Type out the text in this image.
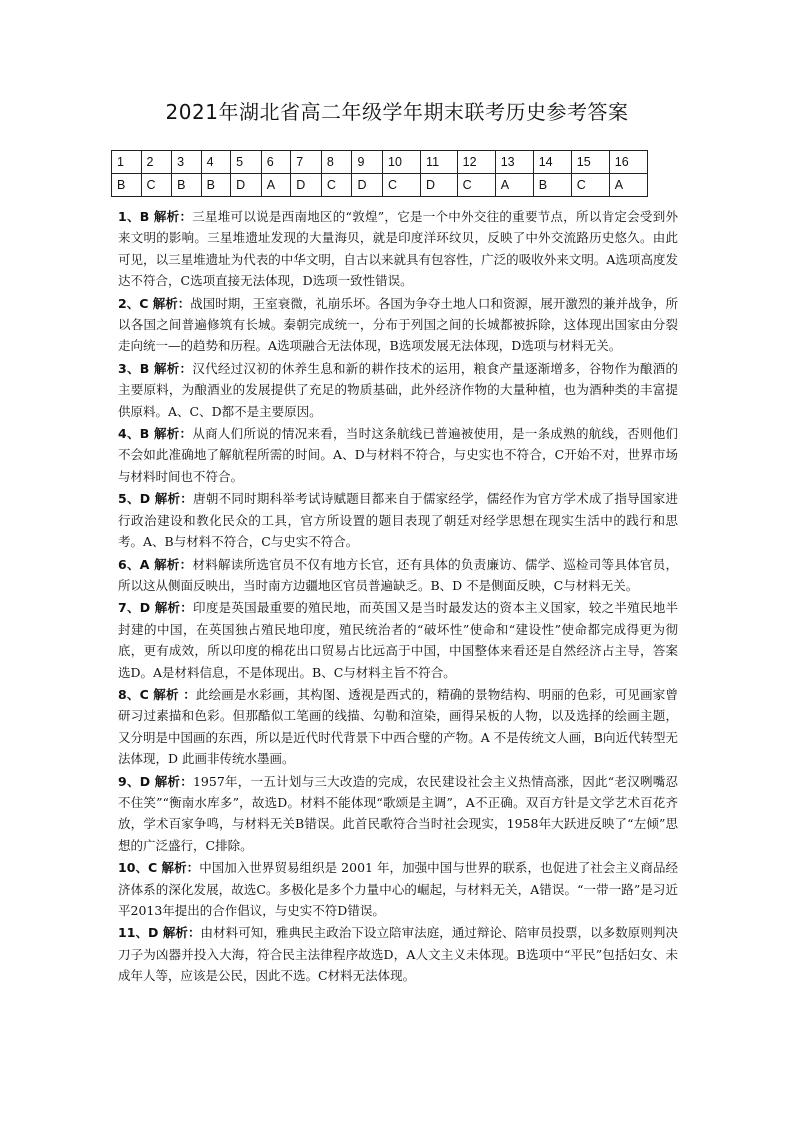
2021年湖北省高二年级学年期末联考历史参考答案
1	2	3	4	5	6	7	8	9	10	11	12	13	14	15	16
B	C	B	B	D	A	D	C	D	C	D	C	A	B	C	A

1、B 解析：三星堆可以说是西南地区的“敦煌”，它是一个中外交往的重要节点，所以肯定会受到外来文明的影响。三星堆遗址发现的大量海贝，就是印度洋环纹贝，反映了中外交流路历史悠久。由此可见，以三星堆遗址为代表的中华文明，自古以来就具有包容性，广泛的吸收外来文明。A选项高度发达不符合，C选项直接无法体现，D选项一致性错误。

2、C 解析：战国时期，王室衰微，礼崩乐坏。各国为争夺土地人口和资源，展开激烈的兼并战争，所以各国之间普遍修筑有长城。秦朝完成统一，分布于列国之间的长城都被拆除，这体现出国家由分裂走向统一—的趋势和历程。A选项融合无法体现，B选项发展无法体现，D选项与材料无关。

3、B 解析：汉代经过汉初的休养生息和新的耕作技术的运用，粮食产量逐渐增多，谷物作为酿酒的主要原料，为酿酒业的发展提供了充足的物质基础，此外经济作物的大量种植，也为酒种类的丰富提供原料。A、C、D都不是主要原因。

4、B 解析：从商人们所说的情况来看，当时这条航线已普遍被使用，是一条成熟的航线，否则他们不会如此准确地了解航程所需的时间。A、D与材料不符合，与史实也不符合，C开始不对，世界市场与材料时间也不符合。

5、D 解析：唐朝不同时期科举考试诗赋题目都来自于儒家经学，儒经作为官方学术成了指导国家进行政治建设和教化民众的工具，官方所设置的题目表现了朝廷对经学思想在现实生活中的践行和思考。A、B与材料不符合，C与史实不符合。

6、A 解析：材料解读所选官员不仅有地方长官，还有具体的负责廉访、儒学、巡检司等具体官员，所以这从侧面反映出，当时南方边疆地区官员普遍缺乏。B、D 不是侧面反映，C与材料无关。

7、D 解析：印度是英国最重要的殖民地，而英国又是当时最发达的资本主义国家，较之半殖民地半封建的中国，在英国独占殖民地印度，殖民统治者的“破坏性”使命和“建设性”使命都完成得更为彻底，更有成效，所以印度的棉花出口贸易占比远高于中国，中国整体来看还是自然经济占主导，答案选D。A是材料信息，不是体现出。B、C与材料主旨不符合。

8、C 解析 ：此绘画是水彩画，其构图、透视是西式的，精确的景物结构、明丽的色彩，可见画家曾研习过素描和色彩。但那酷似工笔画的线描、勾勒和渲染，画得呆板的人物，以及选择的绘画主题，又分明是中国画的东西，所以是近代时代背景下中西合璧的产物。A 不是传统文人画，B向近代转型无法体现，D 此画非传统水墨画。

9、D 解析：1957年，一五计划与三大改造的完成，农民建设社会主义热情高涨，因此“老汉咧嘴忍不住笑”“衡南水库多”，故选D。材料不能体现“歌颂是主调”，A不正确。双百方针是文学艺术百花齐放，学术百家争鸣，与材料无关B错误。此首民歌符合当时社会现实，1958年大跃进反映了“左倾”思想的广泛盛行，C排除。

10、C 解析：中国加入世界贸易组织是 2001 年，加强中国与世界的联系，也促进了社会主义商品经济体系的深化发展，故选C。多极化是多个力量中心的崛起，与材料无关，A错误。“一带一路”是习近平2013年提出的合作倡议，与史实不符D错误。

11、D 解析：由材料可知，雅典民主政治下设立陪审法庭，通过辩论、陪审员投票，以多数原则判决刀子为凶器并投入大海，符合民主法律程序故选D，A人文主义未体现。B选项中“平民”包括妇女、未成年人等，应该是公民，因此不选。C材料无法体现。
